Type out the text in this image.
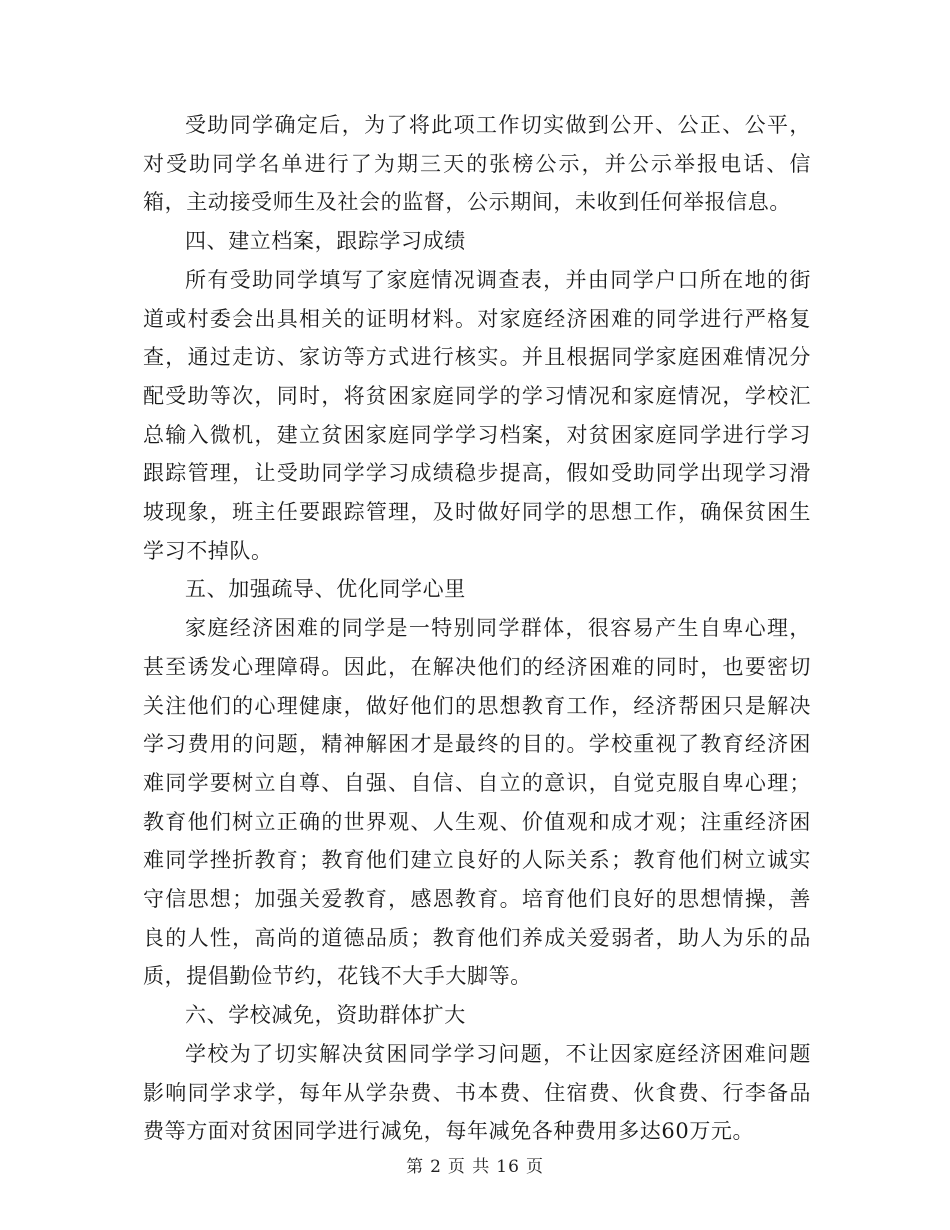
受助同学确定后，为了将此项工作切实做到公开、公正、公平，对受助同学名单进行了为期三天的张榜公示，并公示举报电话、信箱，主动接受师生及社会的监督，公示期间，未收到任何举报信息。

四、建立档案，跟踪学习成绩

所有受助同学填写了家庭情况调查表，并由同学户口所在地的街道或村委会出具相关的证明材料。对家庭经济困难的同学进行严格复查，通过走访、家访等方式进行核实。并且根据同学家庭困难情况分配受助等次，同时，将贫困家庭同学的学习情况和家庭情况，学校汇总输入微机，建立贫困家庭同学学习档案，对贫困家庭同学进行学习跟踪管理，让受助同学学习成绩稳步提高，假如受助同学出现学习滑坡现象，班主任要跟踪管理，及时做好同学的思想工作，确保贫困生学习不掉队。

五、加强疏导、优化同学心里

家庭经济困难的同学是一特别同学群体，很容易产生自卑心理，甚至诱发心理障碍。因此，在解决他们的经济困难的同时，也要密切关注他们的心理健康，做好他们的思想教育工作，经济帮困只是解决学习费用的问题，精神解困才是最终的目的。学校重视了教育经济困难同学要树立自尊、自强、自信、自立的意识，自觉克服自卑心理；教育他们树立正确的世界观、人生观、价值观和成才观；注重经济困难同学挫折教育；教育他们建立良好的人际关系；教育他们树立诚实守信思想；加强关爱教育，感恩教育。培育他们良好的思想情操，善良的人性，高尚的道德品质；教育他们养成关爱弱者，助人为乐的品质，提倡勤俭节约，花钱不大手大脚等。

六、学校减免，资助群体扩大

学校为了切实解决贫困同学学习问题，不让因家庭经济困难问题影响同学求学，每年从学杂费、书本费、住宿费、伙食费、行李备品费等方面对贫困同学进行减免，每年减免各种费用多达60万元。

第 2 页 共 16 页
